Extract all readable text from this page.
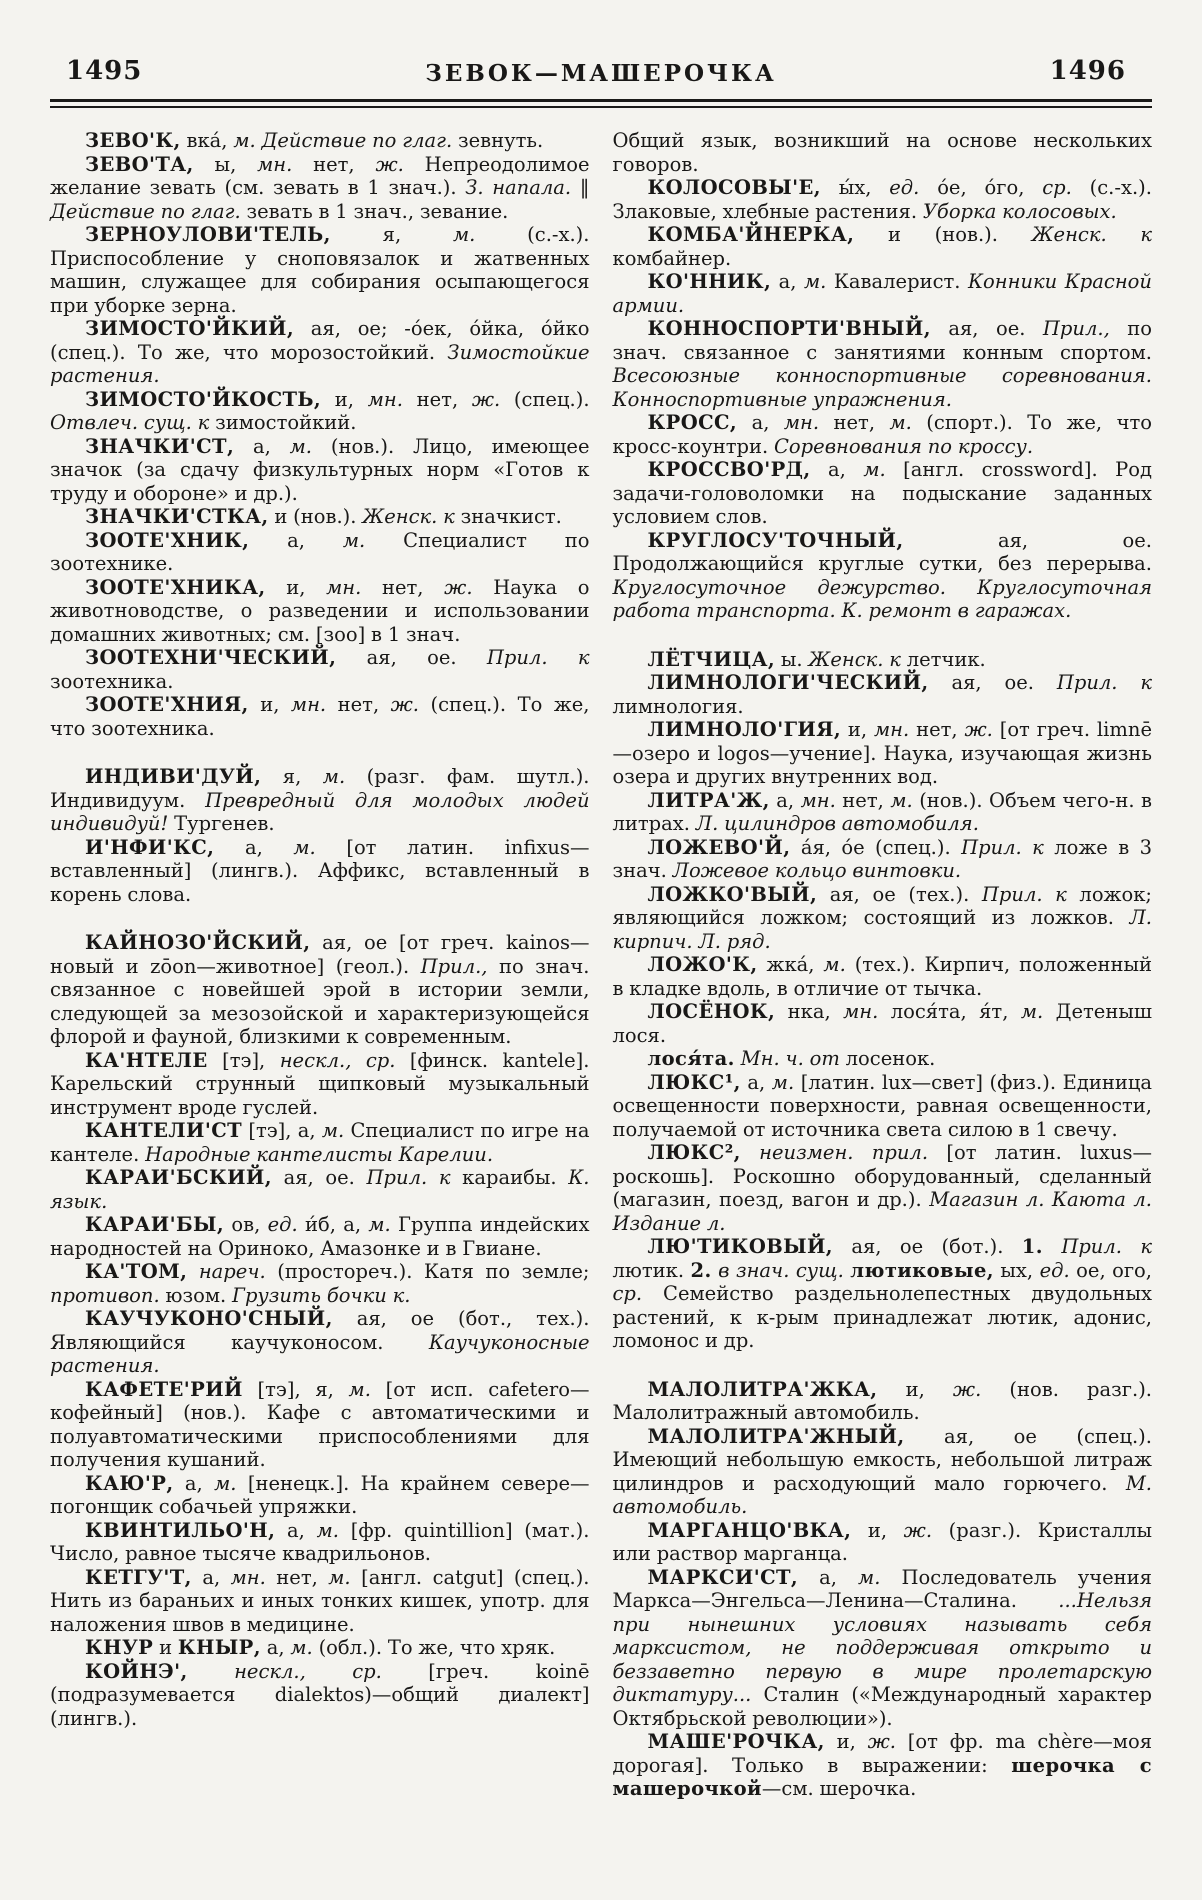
1495	ЗЕВОК—МАШЕРОЧКА	1496

ЗЕВО'К, вка́, м. Действие по глаг. зевнуть.

ЗЕВО'ТА, ы, мн. нет, ж. Непреодолимое желание зевать (см. зевать в 1 знач.). З. напала. ‖ Действие по глаг. зевать в 1 знач., зевание.

ЗЕРНОУЛОВИ'ТЕЛЬ, я, м. (с.-х.). Приспособление у сноповязалок и жатвенных машин, служащее для собирания осыпающегося при уборке зерна.

ЗИМОСТО'ЙКИЙ, ая, ое; -о́ек, о́йка, о́йко (спец.). То же, что морозостойкий. Зимостойкие растения.

ЗИМОСТО'ЙКОСТЬ, и, мн. нет, ж. (спец.). Отвлеч. сущ. к зимостойкий.

ЗНАЧКИ'СТ, а, м. (нов.). Лицо, имеющее значок (за сдачу физкультурных норм «Готов к труду и обороне» и др.).

ЗНАЧКИ'СТКА, и (нов.). Женск. к значкист.

ЗООТЕ'ХНИК, а, м. Специалист по зоотехнике.

ЗООТЕ'ХНИКА, и, мн. нет, ж. Наука о животноводстве, о разведении и использовании домашних животных; см. [зоо] в 1 знач.

ЗООТЕХНИ'ЧЕСКИЙ, ая, ое. Прил. к зоотехника.

ЗООТЕ'ХНИЯ, и, мн. нет, ж. (спец.). То же, что зоотехника.

ИНДИВИ'ДУЙ, я, м. (разг. фам. шутл.). Индивидуум. Превредный для молодых людей индивидуй! Тургенев.

И'НФИ'КС, а, м. [от латин. infixus—вставленный] (лингв.). Аффикс, вставленный в корень слова.

КАЙНОЗО'ЙСКИЙ, ая, ое [от греч. kainos—новый и zōon—животное] (геол.). Прил., по знач. связанное с новейшей эрой в истории земли, следующей за мезозойской и характеризующейся флорой и фауной, близкими к современным.

КА'НТЕЛЕ [тэ], нескл., ср. [финск. kantele]. Карельский струнный щипковый музыкальный инструмент вроде гуслей.

КАНТЕЛИ'СТ [тэ], а, м. Специалист по игре на кантеле. Народные кантелисты Карелии.

КАРАИ'БСКИЙ, ая, ое. Прил. к караибы. К. язык.

КАРАИ'БЫ, ов, ед. и́б, а, м. Группа индейских народностей на Ориноко, Амазонке и в Гвиане.

КА'ТОМ, нареч. (простореч.). Катя по земле; противоп. юзом. Грузить бочки к.

КАУЧУКОНО'СНЫЙ, ая, ое (бот., тех.). Являющийся каучуконосом. Каучуконосные растения.

КАФЕТЕ'РИЙ [тэ], я, м. [от исп. cafetero—кофейный] (нов.). Кафе с автоматическими и полуавтоматическими приспособлениями для получения кушаний.

КАЮ'Р, а, м. [ненецк.]. На крайнем севере—погонщик собачьей упряжки.

КВИНТИЛЬО'Н, а, м. [фр. quintillion] (мат.). Число, равное тысяче квадрильонов.

КЕТГУ'Т, а, мн. нет, м. [англ. catgut] (спец.). Нить из бараньих и иных тонких кишек, употр. для наложения швов в медицине.

КНУР и КНЫР, а, м. (обл.). То же, что хряк.

КОЙНЭ', нескл., ср. [греч. koinē (подразумевается dialektos)—общий диалект] (лингв.).

Общий язык, возникший на основе нескольких говоров.

КОЛОСОВЫ'Е, ы́х, ед. о́е, о́го, ср. (с.-х.). Злаковые, хлебные растения. Уборка колосовых.

КОМБА'ЙНЕРКА, и (нов.). Женск. к комбайнер.

КО'ННИК, а, м. Кавалерист. Конники Красной армии.

КОННОСПОРТИ'ВНЫЙ, ая, ое. Прил., по знач. связанное с занятиями конным спортом. Всесоюзные конноспортивные соревнования. Конноспортивные упражнения.

КРОСС, а, мн. нет, м. (спорт.). То же, что кросс-коунтри. Соревнования по кроссу.

КРОССВО'РД, а, м. [англ. crossword]. Род задачи-головоломки на подыскание заданных условием слов.

КРУГЛОСУ'ТОЧНЫЙ, ая, ое. Продолжающийся круглые сутки, без перерыва. Круглосуточное дежурство. Круглосуточная работа транспорта. К. ремонт в гаражах.

ЛЁТЧИЦА, ы. Женск. к летчик.

ЛИМНОЛОГИ'ЧЕСКИЙ, ая, ое. Прил. к лимнология.

ЛИМНОЛО'ГИЯ, и, мн. нет, ж. [от греч. limnē—озеро и logos—учение]. Наука, изучающая жизнь озера и других внутренних вод.

ЛИТРА'Ж, а, мн. нет, м. (нов.). Объем чего-н. в литрах. Л. цилиндров автомобиля.

ЛОЖЕВО'Й, а́я, о́е (спец.). Прил. к ложе в 3 знач. Ложевое кольцо винтовки.

ЛОЖКО'ВЫЙ, ая, ое (тех.). Прил. к ложок; являющийся ложком; состоящий из ложков. Л. кирпич. Л. ряд.

ЛОЖО'К, жка́, м. (тех.). Кирпич, положенный в кладке вдоль, в отличие от тычка.

ЛОСЁНОК, нка, мн. лося́та, я́т, м. Детеныш лося.

лося́та. Мн. ч. от лосенок.

ЛЮКС¹, а, м. [латин. lux—свет] (физ.). Единица освещенности поверхности, равная освещенности, получаемой от источника света силою в 1 свечу.

ЛЮКС², неизмен. прил. [от латин. luxus—роскошь]. Роскошно оборудованный, сделанный (магазин, поезд, вагон и др.). Магазин л. Каюта л. Издание л.

ЛЮ'ТИКОВЫЙ, ая, ое (бот.). 1. Прил. к лютик. 2. в знач. сущ. лютиковые, ых, ед. ое, ого, ср. Семейство раздельнолепестных двудольных растений, к к-рым принадлежат лютик, адонис, ломонос и др.

МАЛОЛИТРА'ЖКА, и, ж. (нов. разг.). Малолитражный автомобиль.

МАЛОЛИТРА'ЖНЫЙ, ая, ое (спец.). Имеющий небольшую емкость, небольшой литраж цилиндров и расходующий мало горючего. М. автомобиль.

МАРГАНЦО'ВКА, и, ж. (разг.). Кристаллы или раствор марганца.

МАРКСИ'СТ, а, м. Последователь учения Маркса—Энгельса—Ленина—Сталина. ...Нельзя при нынешних условиях называть себя марксистом, не поддерживая открыто и беззаветно первую в мире пролетарскую диктатуру... Сталин («Международный характер Октябрьской революции»).

МАШЕ'РОЧКА, и, ж. [от фр. ma chère—моя дорогая]. Только в выражении: шерочка с машерочкой—см. шерочка.
